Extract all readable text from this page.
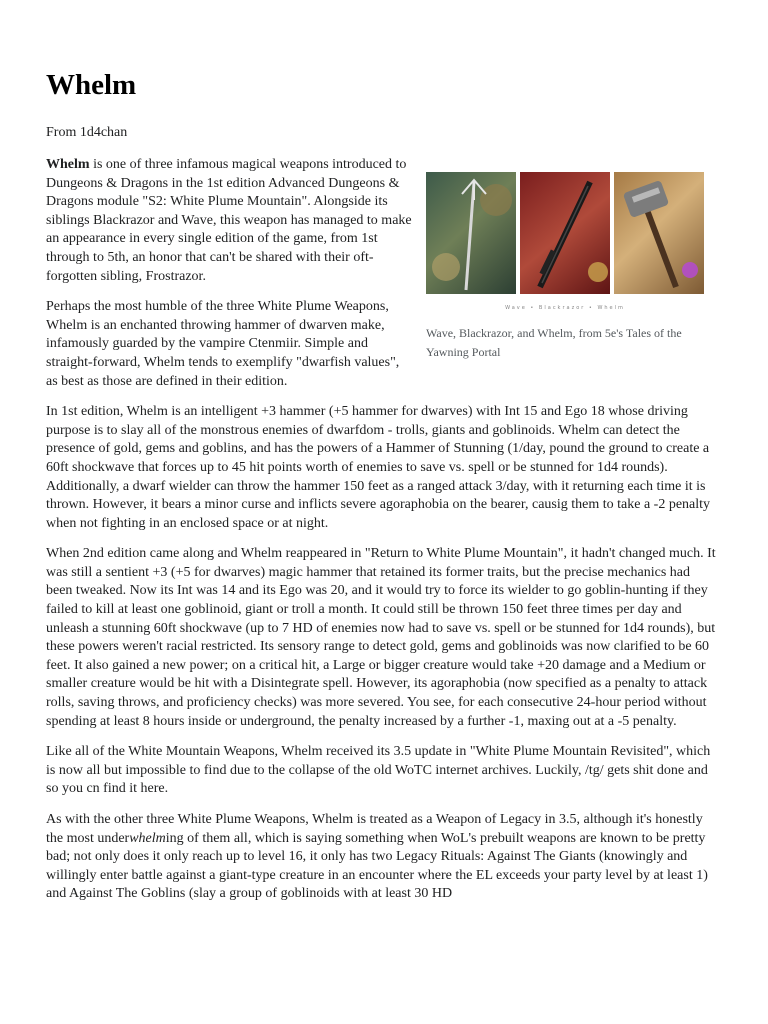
Whelm
From 1d4chan
Wave • Blackrazor • Whelm
Wave, Blackrazor, and Whelm, from 5e's Tales of the Yawning Portal

Whelm is one of three infamous magical weapons introduced to Dungeons & Dragons in the 1st edition Advanced Dungeons & Dragons module "S2: White Plume Mountain". Alongside its siblings Blackrazor and Wave, this weapon has managed to make an appearance in every single edition of the game, from 1st through to 5th, an honor that can't be shared with their oft-forgotten sibling, Frostrazor.

Perhaps the most humble of the three White Plume Weapons, Whelm is an enchanted throwing hammer of dwarven make, infamously guarded by the vampire Ctenmiir. Simple and straight-forward, Whelm tends to exemplify "dwarfish values", as best as those are defined in their edition.

In 1st edition, Whelm is an intelligent +3 hammer (+5 hammer for dwarves) with Int 15 and Ego 18 whose driving purpose is to slay all of the monstrous enemies of dwarfdom - trolls, giants and goblinoids. Whelm can detect the presence of gold, gems and goblins, and has the powers of a Hammer of Stunning (1/day, pound the ground to create a 60ft shockwave that forces up to 45 hit points worth of enemies to save vs. spell or be stunned for 1d4 rounds). Additionally, a dwarf wielder can throw the hammer 150 feet as a ranged attack 3/day, with it returning each time it is thrown. However, it bears a minor curse and inflicts severe agoraphobia on the bearer, causig them to take a -2 penalty when not fighting in an enclosed space or at night.

When 2nd edition came along and Whelm reappeared in "Return to White Plume Mountain", it hadn't changed much. It was still a sentient +3 (+5 for dwarves) magic hammer that retained its former traits, but the precise mechanics had been tweaked. Now its Int was 14 and its Ego was 20, and it would try to force its wielder to go goblin-hunting if they failed to kill at least one goblinoid, giant or troll a month. It could still be thrown 150 feet three times per day and unleash a stunning 60ft shockwave (up to 7 HD of enemies now had to save vs. spell or be stunned for 1d4 rounds), but these powers weren't racial restricted. Its sensory range to detect gold, gems and goblinoids was now clarified to be 60 feet. It also gained a new power; on a critical hit, a Large or bigger creature would take +20 damage and a Medium or smaller creature would be hit with a Disintegrate spell. However, its agoraphobia (now specified as a penalty to attack rolls, saving throws, and proficiency checks) was more severed. You see, for each consecutive 24-hour period without spending at least 8 hours inside or underground, the penalty increased by a further -1, maxing out at a -5 penalty.

Like all of the White Mountain Weapons, Whelm received its 3.5 update in "White Plume Mountain Revisited", which is now all but impossible to find due to the collapse of the old WoTC internet archives. Luckily, /tg/ gets shit done and so you cn find it here.

As with the other three White Plume Weapons, Whelm is treated as a Weapon of Legacy in 3.5, although it's honestly the most underwhelming of them all, which is saying something when WoL's prebuilt weapons are known to be pretty bad; not only does it only reach up to level 16, it only has two Legacy Rituals: Against The Giants (knowingly and willingly enter battle against a giant-type creature in an encounter where the EL exceeds your party level by at least 1) and Against The Goblins (slay a group of goblinoids with at least 30 HD
